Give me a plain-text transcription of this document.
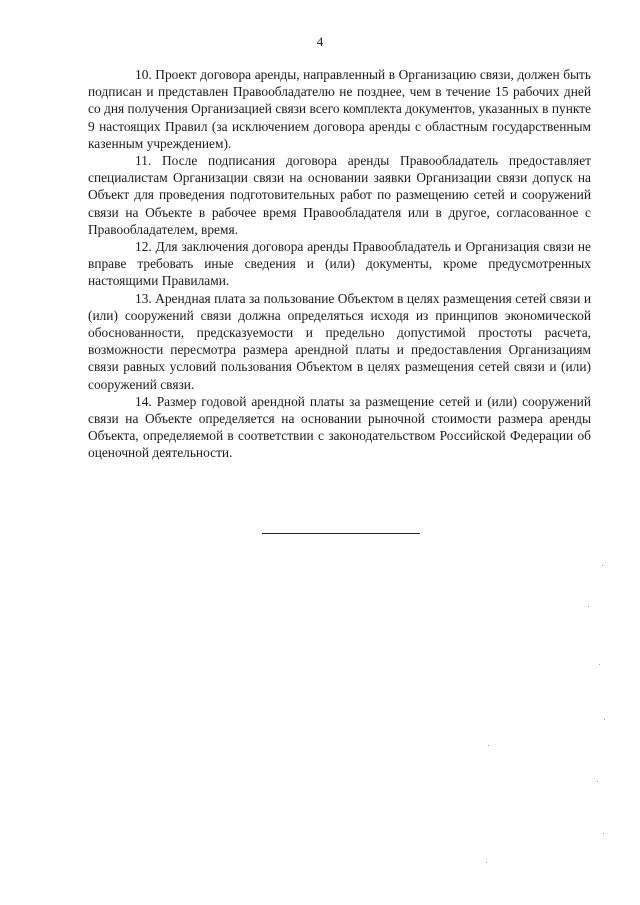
4

10. Проект договора аренды, направленный в Организацию связи, должен быть подписан и представлен Правообладателю не позднее, чем в течение 15 рабочих дней со дня получения Организацией связи всего комплекта документов, указанных в пункте 9 настоящих Правил (за исключением договора аренды с областным государственным казенным учреждением).

11. После подписания договора аренды Правообладатель предоставляет специалистам Организации связи на основании заявки Организации связи допуск на Объект для проведения подготовительных работ по размещению сетей и сооружений связи на Объекте в рабочее время Правообладателя или в другое, согласованное с Правообладателем, время.

12. Для заключения договора аренды Правообладатель и Организация связи не вправе требовать иные сведения и (или) документы, кроме предусмотренных настоящими Правилами.

13. Арендная плата за пользование Объектом в целях размещения сетей связи и (или) сооружений связи должна определяться исходя из принципов экономической обоснованности, предсказуемости и предельно допустимой простоты расчета, возможности пересмотра размера арендной платы и предоставления Организациям связи равных условий пользования Объектом в целях размещения сетей связи и (или) сооружений связи.

14. Размер годовой арендной платы за размещение сетей и (или) сооружений связи на Объекте определяется на основании рыночной стоимости размера аренды Объекта, определяемой в соответствии с законодательством Российской Федерации об оценочной деятельности.
